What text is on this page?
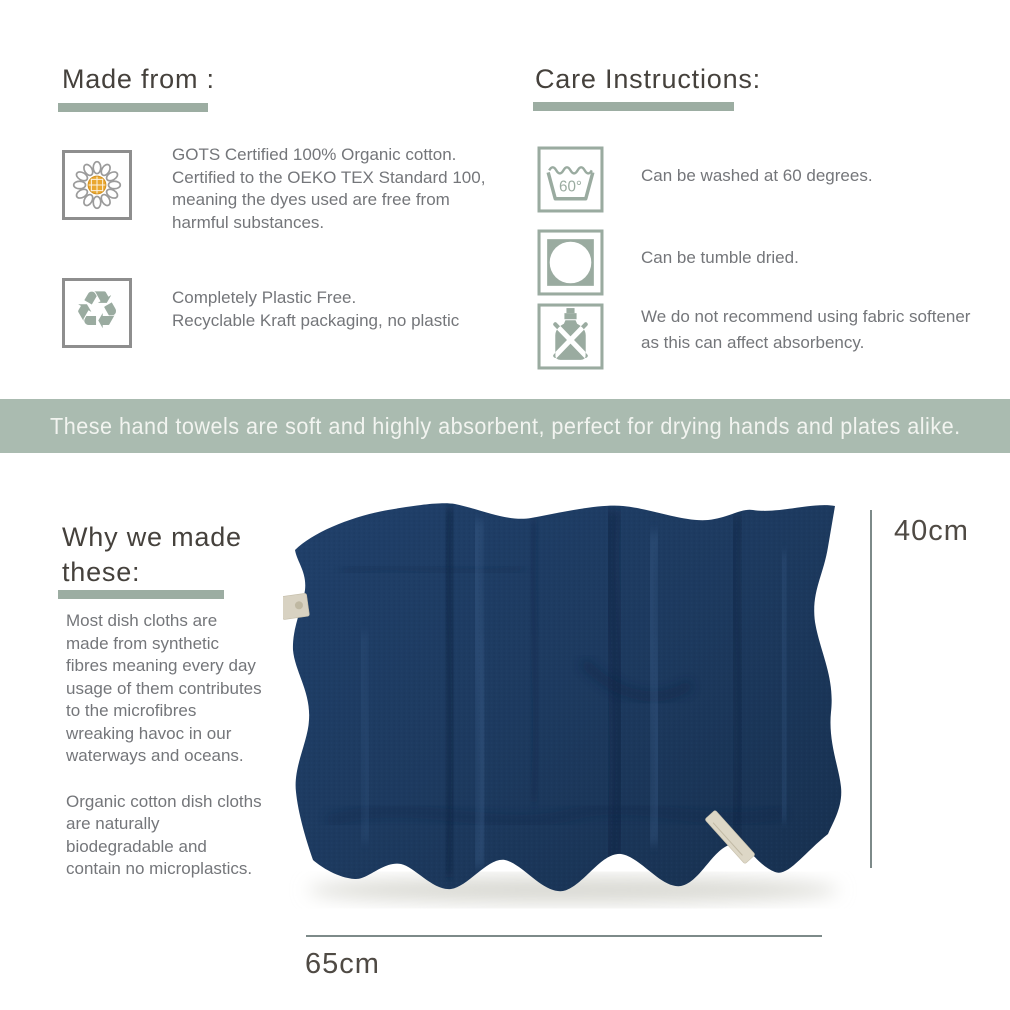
Made from :
GOTS Certified 100% Organic cotton. Certified to the OEKO TEX Standard 100, meaning the dyes used are free from harmful substances.
♻	Completely Plastic Free.
Recyclable Kraft packaging, no plastic
Care Instructions:
60°
Can be washed at 60 degrees.
Can be tumble dried.
We do not recommend using fabric softener as this can affect absorbency.
These hand towels are soft and highly absorbent, perfect for drying hands and plates alike.
Why we made these:

Most dish cloths are made from synthetic fibres meaning every day usage of them contributes to the microfibres wreaking havoc in our waterways and oceans.

Organic cotton dish cloths are naturally biodegradable and contain no microplastics.

40cm
65cm
